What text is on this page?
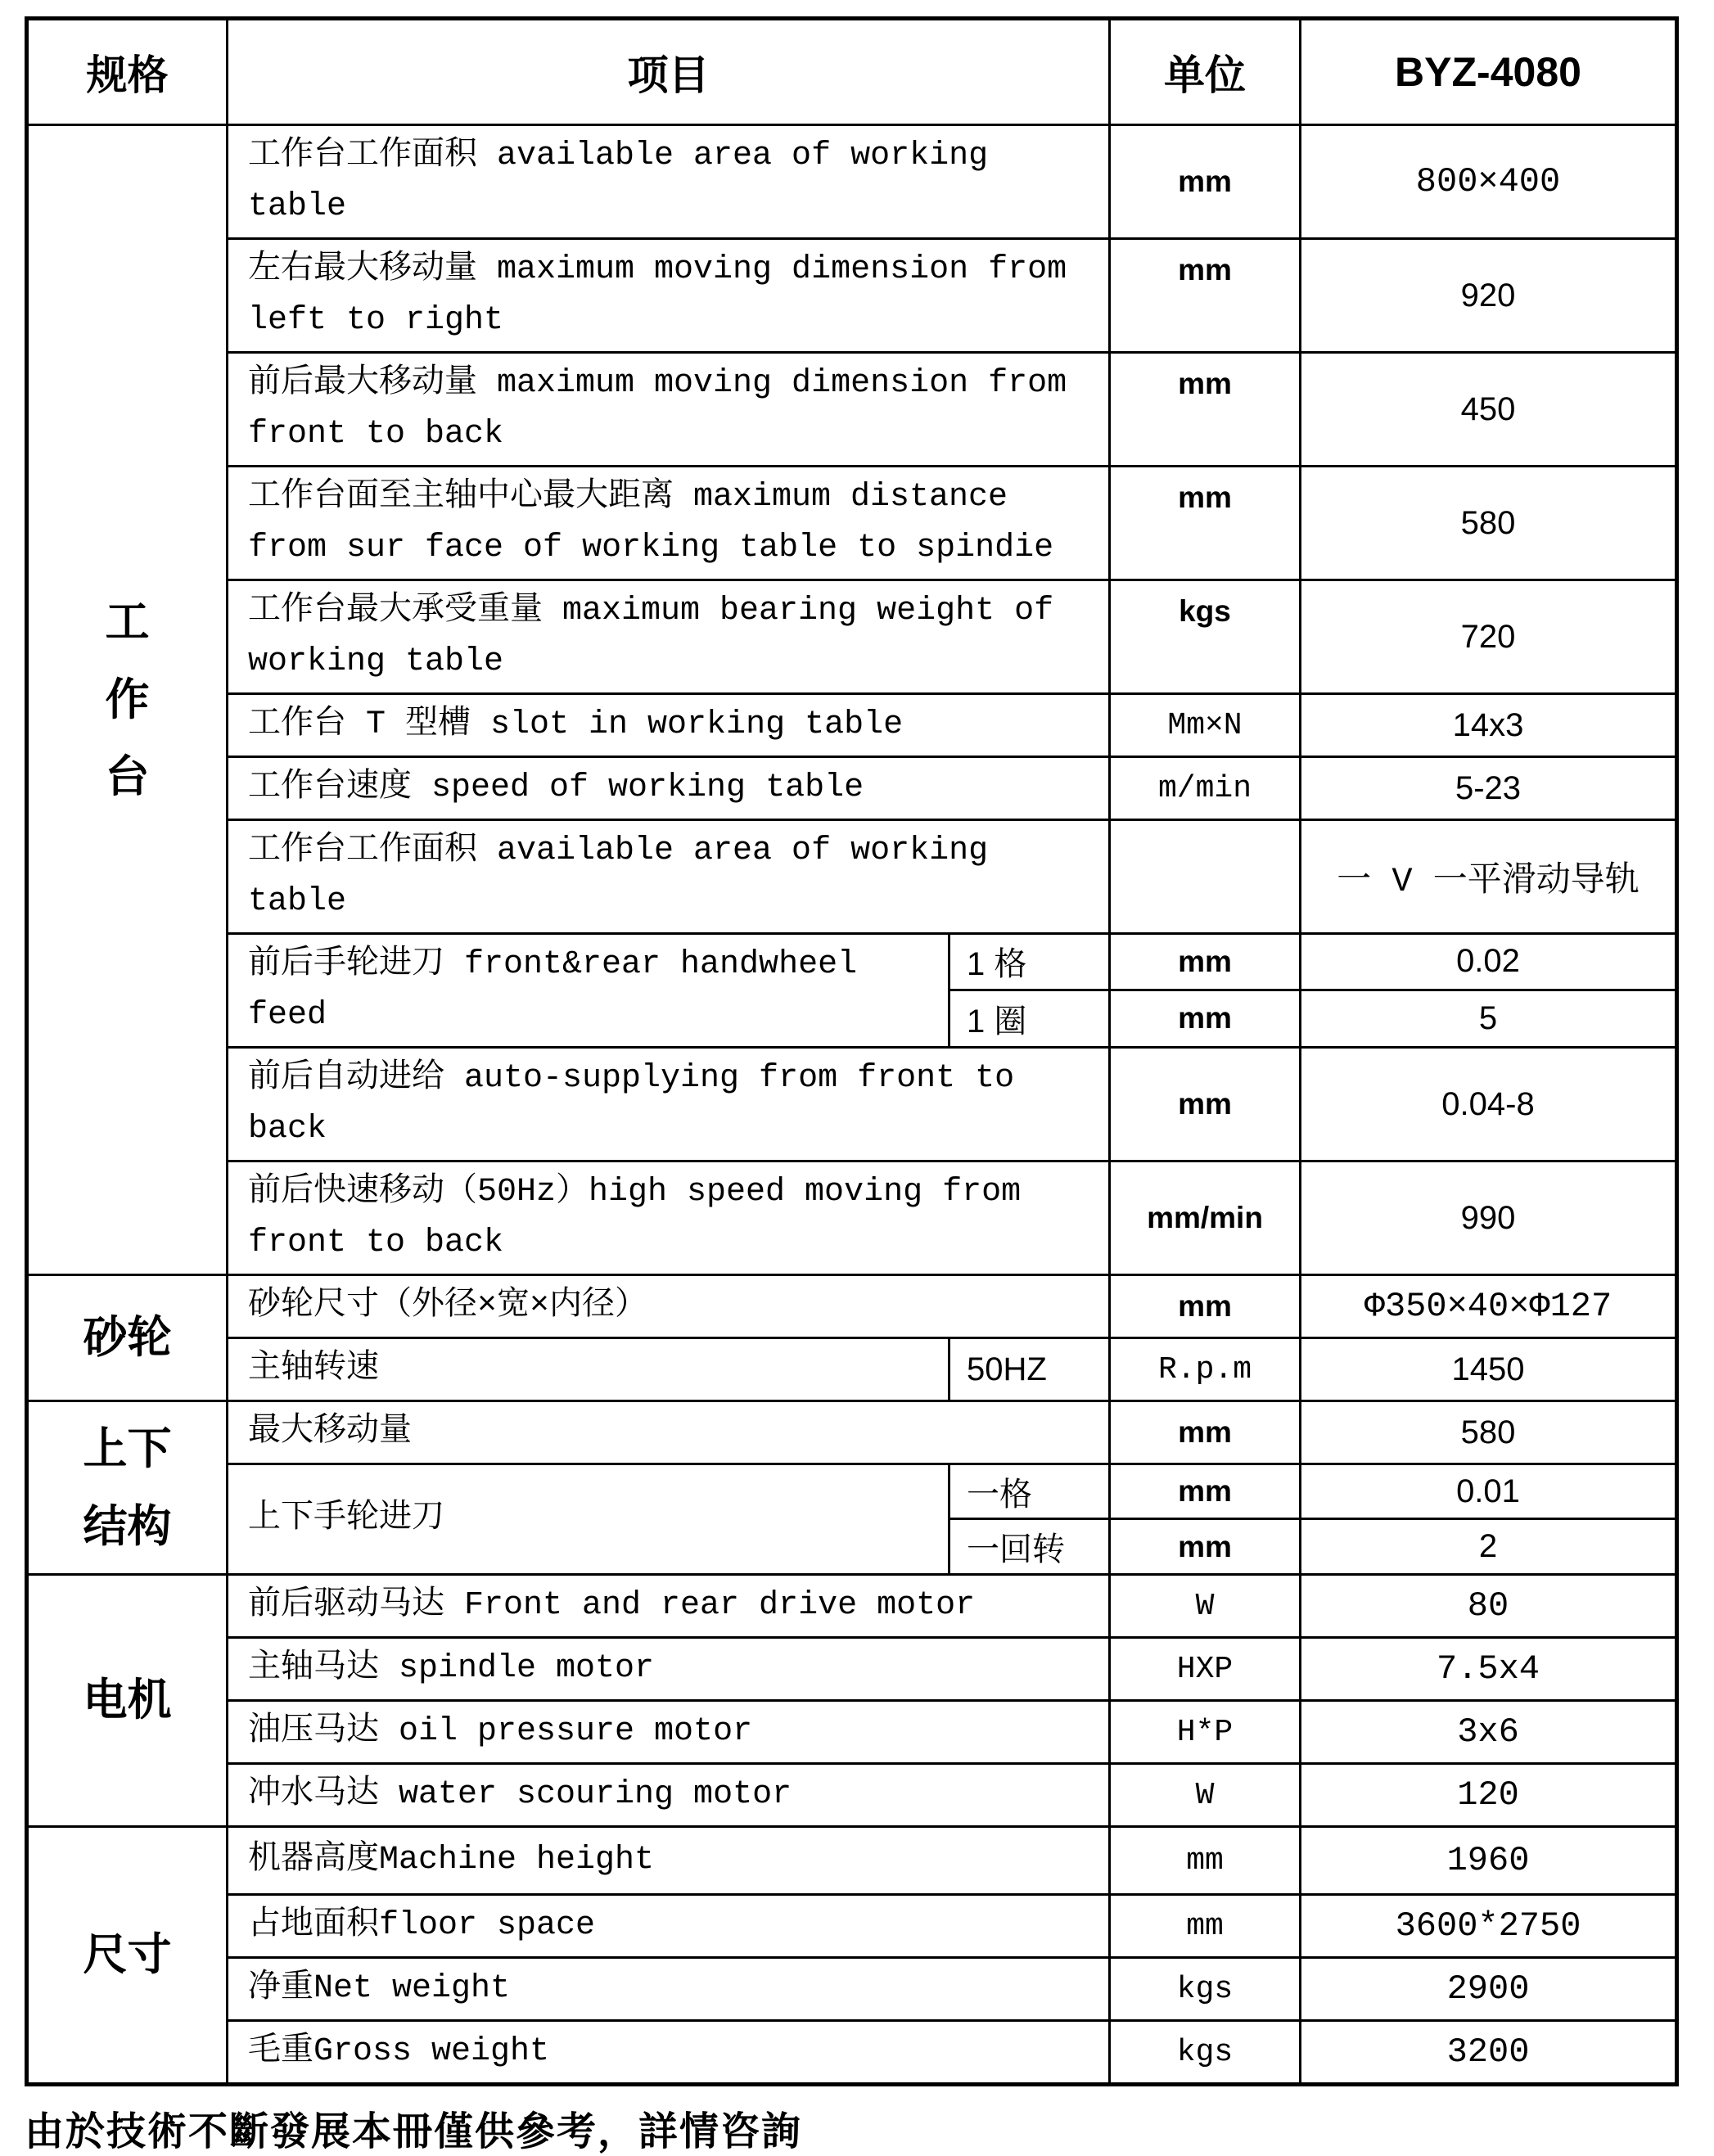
规格	项目		单位	BYZ-4080

工
作
台	工作台工作面积 available area of working table		mm	800×400
	左右最大移动量 maximum moving dimension from left to right		mm	920
	前后最大移动量 maximum moving dimension from front to back		mm	450
	工作台面至主轴中心最大距离 maximum distance from sur face of working table to spindie		mm	580
	工作台最大承受重量 maximum bearing weight of working table		kgs	720
	工作台 T 型槽 slot in working table		Mm×N	14x3
	工作台速度 speed of working table		m/min	5-23
	工作台工作面积 available area of working table			一 V 一平滑动导轨
	前后手轮进刀 front&rear handwheel feed	1 格	mm	0.02
		1 圈	mm	5
	前后自动进给 auto-supplying from front to back		mm	0.04-8
	前后快速移动（50Hz）high speed moving from front to back		mm/min	990

砂轮	砂轮尺寸（外径×宽×内径）		mm	Φ350×40×Φ127
	主轴转速	50HZ	R.p.m	1450

上下
结构	最大移动量		mm	580
	上下手轮进刀	一格	mm	0.01
		一回转	mm	2

电机	前后驱动马达 Front and rear drive motor		W	80
	主轴马达 spindle motor		HXP	7.5x4
	油压马达 oil pressure motor		H*P	3x6
	冲水马达 water scouring motor		W	120

尺寸	机器高度Machine height		mm	1960
	占地面积floor space		mm	3600*2750
	净重Net weight		kgs	2900
	毛重Gross weight		kgs	3200
由於技術不斷發展本冊僅供參考，詳情咨詢
